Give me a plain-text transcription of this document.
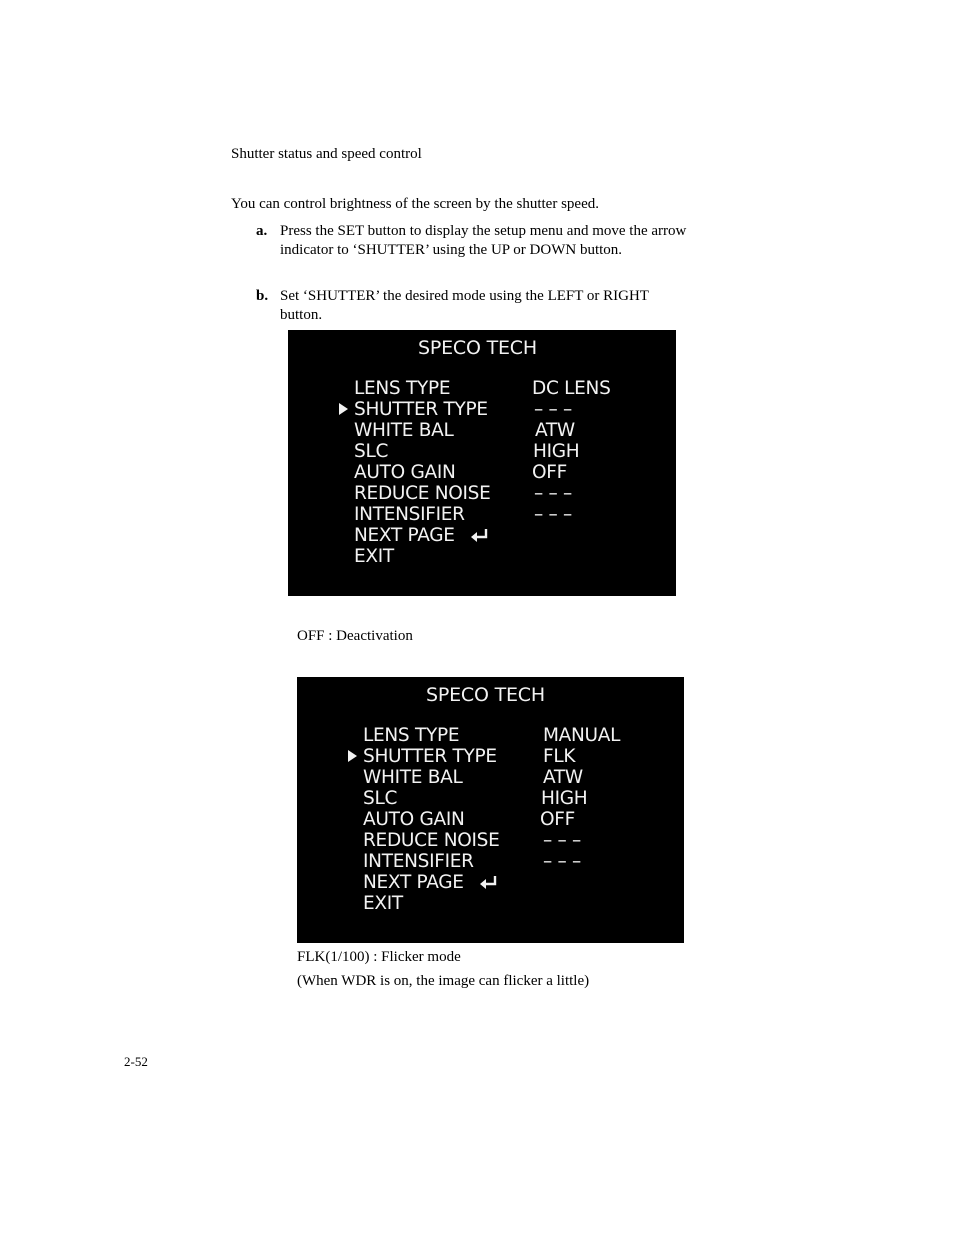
Shutter status and speed control
You can control brightness of the screen by the shutter speed.
a. Press the SET button to display the setup menu and move the arrow indicator to ‘SHUTTER’ using the UP or DOWN button.
b. Set ‘SHUTTER’ the desired mode using the LEFT or RIGHT button.
SPECO TECH
LENS TYPE	DC LENS
SHUTTER TYPE	– – –
WHITE BAL	ATW
SLC	HIGH
AUTO GAIN	OFF
REDUCE NOISE – – –
INTENSIFIER	– – –
NEXT PAGE
EXIT
OFF : Deactivation
SPECO TECH
LENS TYPE	MANUAL
SHUTTER TYPE	FLK
WHITE BAL	ATW
SLC	HIGH
AUTO GAIN	OFF
REDUCE NOISE – – –
INTENSIFIER	– – –
NEXT PAGE
EXIT
FLK(1/100) : Flicker mode
(When WDR is on, the image can flicker a little)
2-52
